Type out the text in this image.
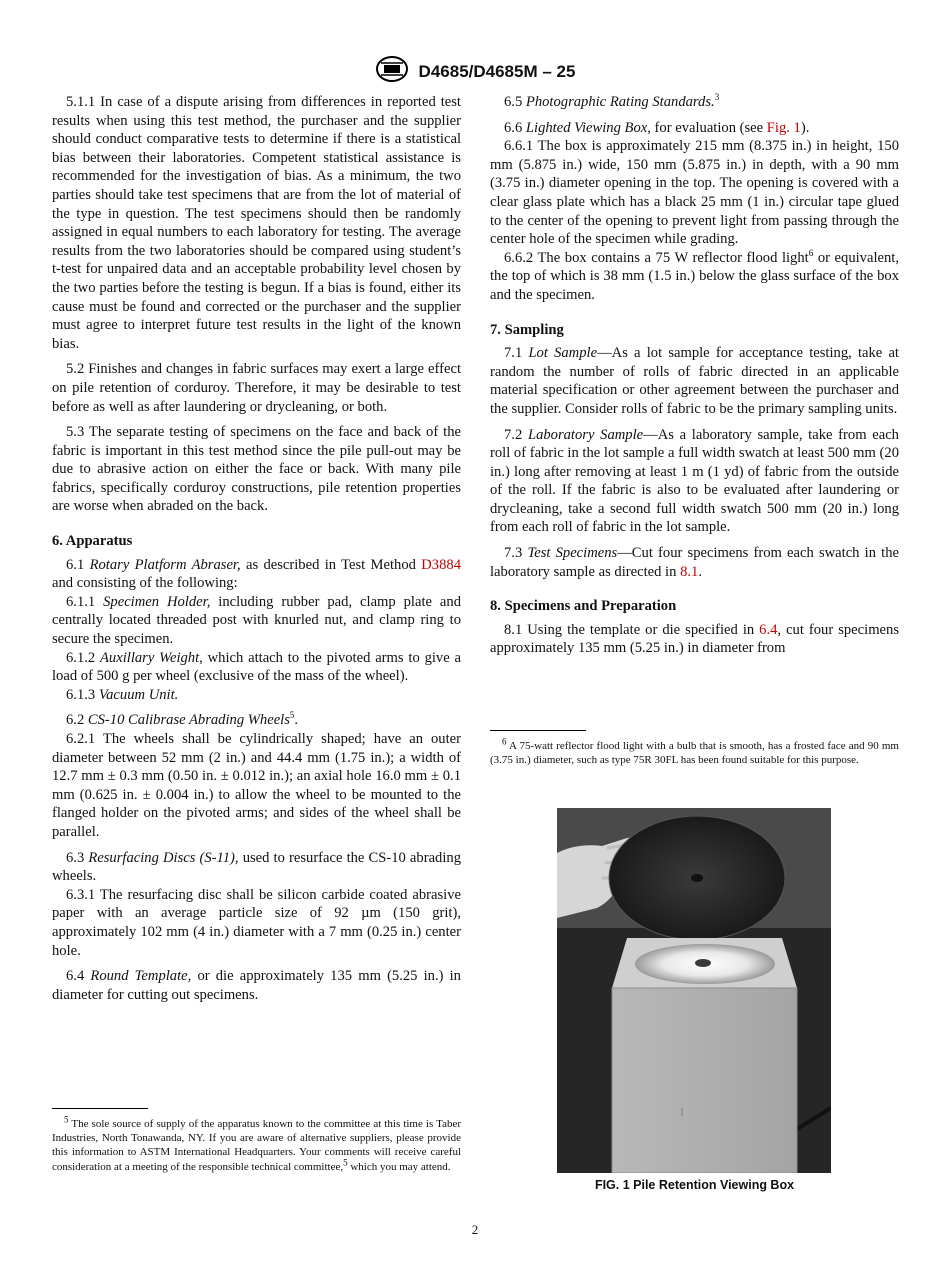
D4685/D4685M – 25

5.1.1 In case of a dispute arising from differences in reported test results when using this test method, the purchaser and the supplier should conduct comparative tests to determine if there is a statistical bias between their laboratories. Competent statistical assistance is recommended for the investigation of bias. As a minimum, the two parties should take test specimens that are from the lot of material of the type in question. The test specimens should then be randomly assigned in equal numbers to each laboratory for testing. The average results from the two laboratories should be compared using student’s t-test for unpaired data and an acceptable probability level chosen by the two parties before the testing is begun. If a bias is found, either its cause must be found and corrected or the purchaser and the supplier must agree to interpret future test results in the light of the known bias.

5.2 Finishes and changes in fabric surfaces may exert a large effect on pile retention of corduroy. Therefore, it may be desirable to test before as well as after laundering or drycleaning, or both.

5.3 The separate testing of specimens on the face and back of the fabric is important in this test method since the pile pull-out may be due to abrasive action on either the face or back. With many pile fabrics, specifically corduroy constructions, pile retention properties are worse when abraded on the back.

6. Apparatus

6.1 Rotary Platform Abraser, as described in Test Method D3884 and consisting of the following:

6.1.1 Specimen Holder, including rubber pad, clamp plate and centrally located threaded post with knurled nut, and clamp ring to secure the specimen.

6.1.2 Auxillary Weight, which attach to the pivoted arms to give a load of 500 g per wheel (exclusive of the mass of the wheel).

6.1.3 Vacuum Unit.

6.2 CS-10 Calibrase Abrading Wheels$^5$.

6.2.1 The wheels shall be cylindrically shaped; have an outer diameter between 52 mm (2 in.) and 44.4 mm (1.75 in.); a width of 12.7 mm ± 0.3 mm (0.50 in. ± 0.012 in.); an axial hole 16.0 mm ± 0.1 mm (0.625 in. ± 0.004 in.) to allow the wheel to be mounted to the flanged holder on the pivoted arms; and sides of the wheel shall be parallel.

6.3 Resurfacing Discs (S-11), used to resurface the CS-10 abrading wheels.

6.3.1 The resurfacing disc shall be silicon carbide coated abrasive paper with an average particle size of 92 µm (150 grit), approximately 102 mm (4 in.) diameter with a 7 mm (0.25 in.) center hole.

6.4 Round Template, or die approximately 135 mm (5.25 in.) in diameter for cutting out specimens.

$^5$ The sole source of supply of the apparatus known to the committee at this time is Taber Industries, North Tonawanda, NY. If you are aware of alternative suppliers, please provide this information to ASTM International Headquarters. Your comments will receive careful consideration at a meeting of the responsible technical committee,$^5$ which you may attend.

6.5 Photographic Rating Standards.$^3$

6.6 Lighted Viewing Box, for evaluation (see Fig. 1).

6.6.1 The box is approximately 215 mm (8.375 in.) in height, 150 mm (5.875 in.) wide, 150 mm (5.875 in.) in depth, with a 90 mm (3.75 in.) diameter opening in the top. The opening is covered with a clear glass plate which has a black 25 mm (1 in.) circular tape glued to the center of the opening to prevent light from passing through the center hole of the specimen while grading.

6.6.2 The box contains a 75 W reflector flood light$^6$ or equivalent, the top of which is 38 mm (1.5 in.) below the glass surface of the box and the specimen.

7. Sampling

7.1 Lot Sample—As a lot sample for acceptance testing, take at random the number of rolls of fabric directed in an applicable material specification or other agreement between the purchaser and the supplier. Consider rolls of fabric to be the primary sampling units.

7.2 Laboratory Sample—As a laboratory sample, take from each roll of fabric in the lot sample a full width swatch at least 500 mm (20 in.) long after removing at least 1 m (1 yd) of fabric from the outside of the roll. If the fabric is also to be evaluated after laundering or drycleaning, take a second full width swatch 500 mm (20 in.) long from each roll of fabric in the lot sample.

7.3 Test Specimens—Cut four specimens from each swatch in the laboratory sample as directed in 8.1.

8. Specimens and Preparation

8.1 Using the template or die specified in 6.4, cut four specimens approximately 135 mm (5.25 in.) in diameter from

$^6$ A 75-watt reflector flood light with a bulb that is smooth, has a frosted face and 90 mm (3.75 in.) diameter, such as type 75R 30FL has been found suitable for this purpose.

FIG. 1 Pile Retention Viewing Box
2
